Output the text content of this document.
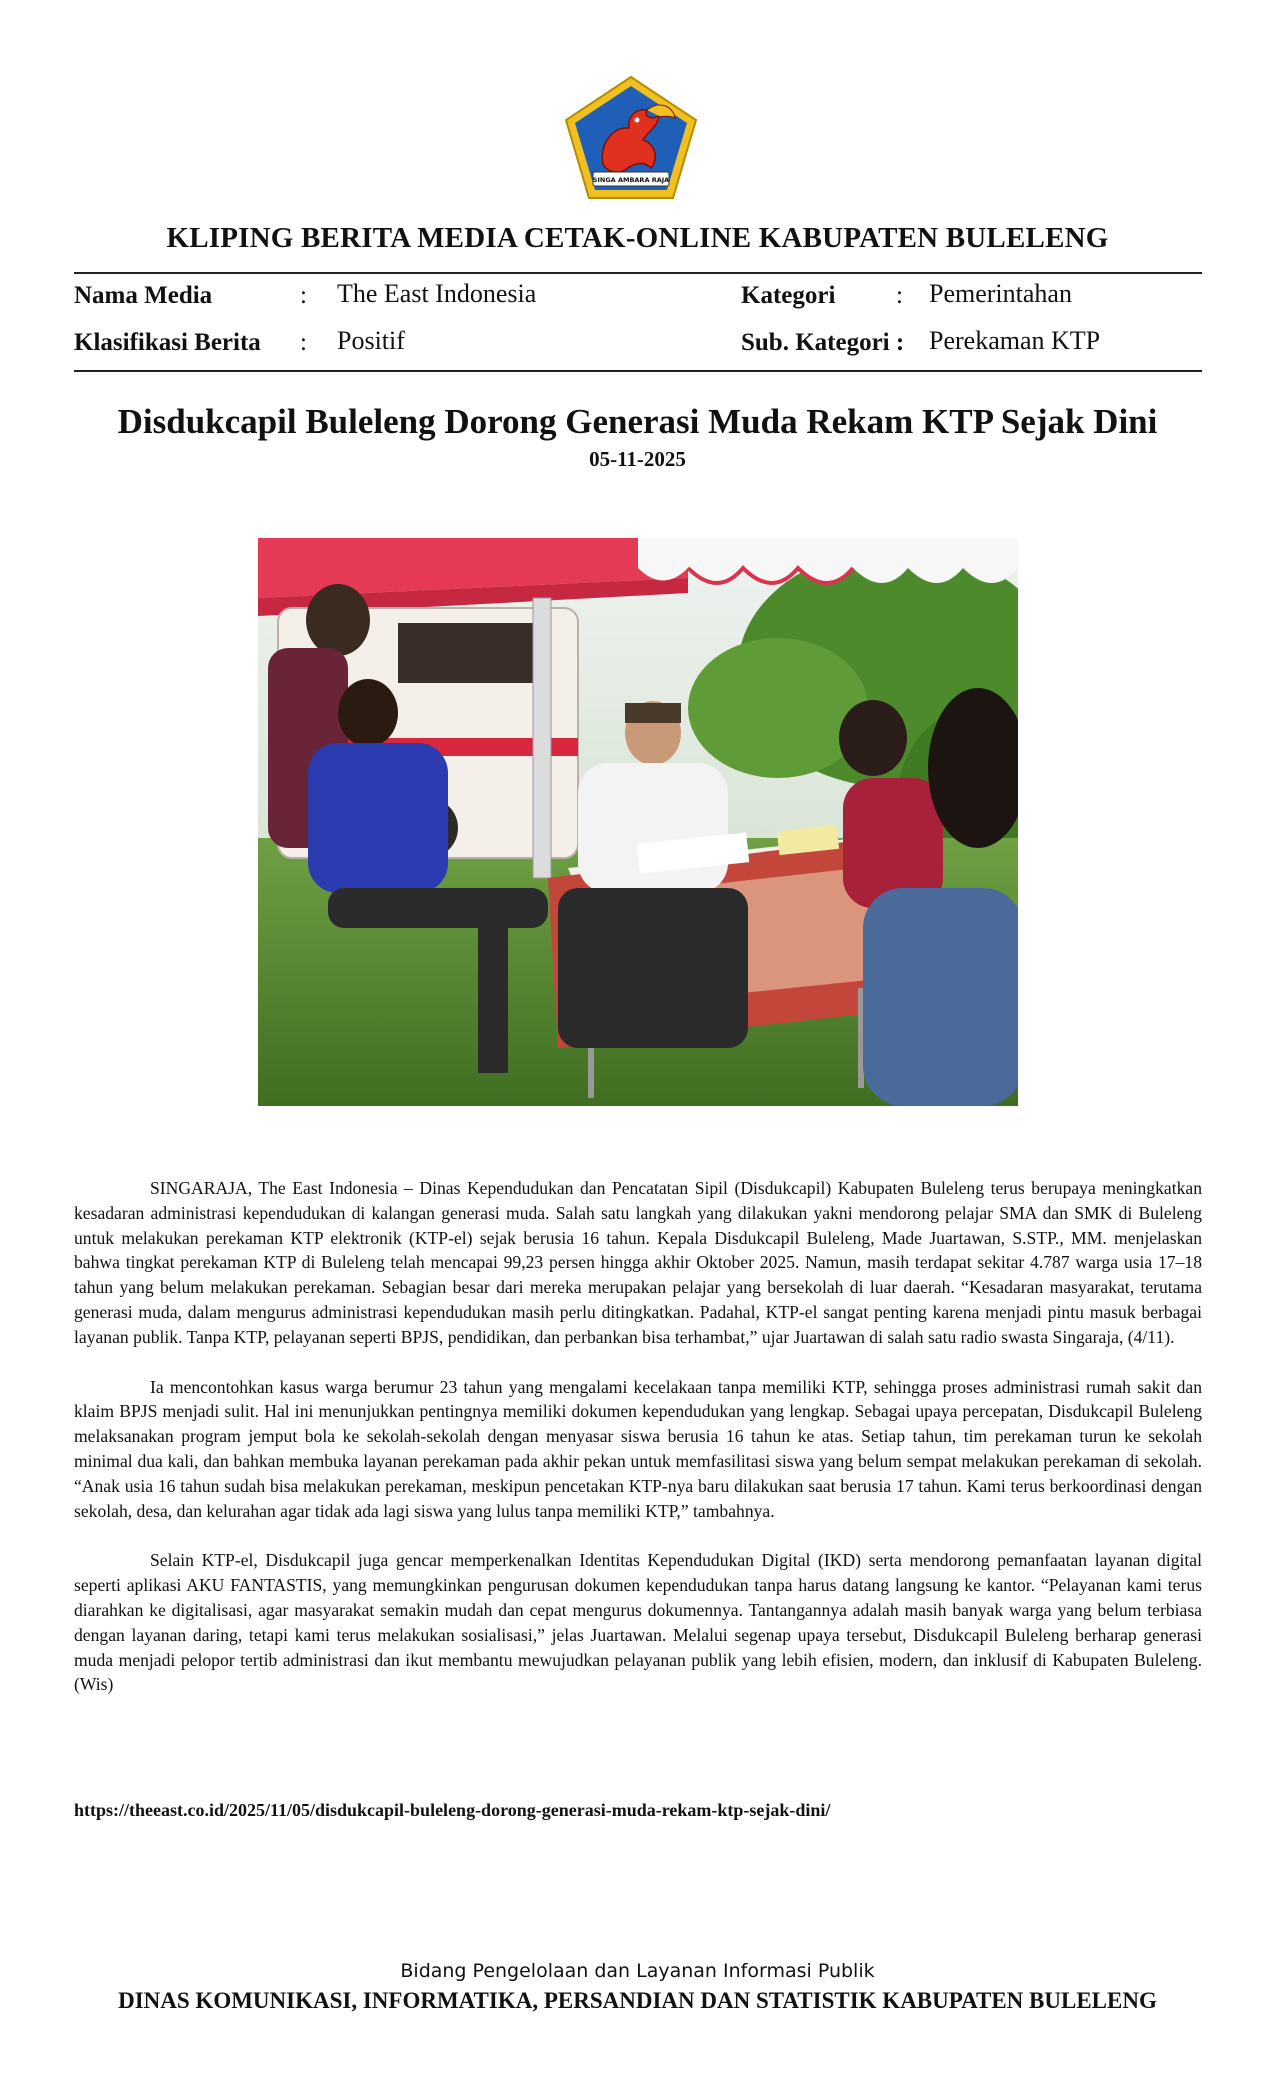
SINGA AMBARA RAJA
KLIPING BERITA MEDIA CETAK-ONLINE KABUPATEN BULELENG
Nama Media	: The East Indonesia
Klasifikasi Berita : Positif
Kategori : Pemerintahan
Sub. Kategori : Perekaman KTP
Disdukcapil Buleleng Dorong Generasi Muda Rekam KTP Sejak Dini
05-11-2025

SINGARAJA, The East Indonesia – Dinas Kependudukan dan Pencatatan Sipil (Disdukcapil) Kabupaten Buleleng terus berupaya meningkatkan kesadaran administrasi kependudukan di kalangan generasi muda. Salah satu langkah yang dilakukan yakni mendorong pelajar SMA dan SMK di Buleleng untuk melakukan perekaman KTP elektronik (KTP-el) sejak berusia 16 tahun. Kepala Disdukcapil Buleleng, Made Juartawan, S.STP., MM. menjelaskan bahwa tingkat perekaman KTP di Buleleng telah mencapai 99,23 persen hingga akhir Oktober 2025. Namun, masih terdapat sekitar 4.787 warga usia 17–18 tahun yang belum melakukan perekaman. Sebagian besar dari mereka merupakan pelajar yang bersekolah di luar daerah. “Kesadaran masyarakat, terutama generasi muda, dalam mengurus administrasi kependudukan masih perlu ditingkatkan. Padahal, KTP-el sangat penting karena menjadi pintu masuk berbagai layanan publik. Tanpa KTP, pelayanan seperti BPJS, pendidikan, dan perbankan bisa terhambat,” ujar Juartawan di salah satu radio swasta Singaraja, (4/11).

Ia mencontohkan kasus warga berumur 23 tahun yang mengalami kecelakaan tanpa memiliki KTP, sehingga proses administrasi rumah sakit dan klaim BPJS menjadi sulit. Hal ini menunjukkan pentingnya memiliki dokumen kependudukan yang lengkap. Sebagai upaya percepatan, Disdukcapil Buleleng melaksanakan program jemput bola ke sekolah-sekolah dengan menyasar siswa berusia 16 tahun ke atas. Setiap tahun, tim perekaman turun ke sekolah minimal dua kali, dan bahkan membuka layanan perekaman pada akhir pekan untuk memfasilitasi siswa yang belum sempat melakukan perekaman di sekolah. “Anak usia 16 tahun sudah bisa melakukan perekaman, meskipun pencetakan KTP-nya baru dilakukan saat berusia 17 tahun. Kami terus berkoordinasi dengan sekolah, desa, dan kelurahan agar tidak ada lagi siswa yang lulus tanpa memiliki KTP,” tambahnya.

Selain KTP-el, Disdukcapil juga gencar memperkenalkan Identitas Kependudukan Digital (IKD) serta mendorong pemanfaatan layanan digital seperti aplikasi AKU FANTASTIS, yang memungkinkan pengurusan dokumen kependudukan tanpa harus datang langsung ke kantor. “Pelayanan kami terus diarahkan ke digitalisasi, agar masyarakat semakin mudah dan cepat mengurus dokumennya. Tantangannya adalah masih banyak warga yang belum terbiasa dengan layanan daring, tetapi kami terus melakukan sosialisasi,” jelas Juartawan. Melalui segenap upaya tersebut, Disdukcapil Buleleng berharap generasi muda menjadi pelopor tertib administrasi dan ikut membantu mewujudkan pelayanan publik yang lebih efisien, modern, dan inklusif di Kabupaten Buleleng.(Wis)

https://theeast.co.id/2025/11/05/disdukcapil-buleleng-dorong-generasi-muda-rekam-ktp-sejak-dini/
Bidang Pengelolaan dan Layanan Informasi Publik
DINAS KOMUNIKASI, INFORMATIKA, PERSANDIAN DAN STATISTIK KABUPATEN BULELENG
